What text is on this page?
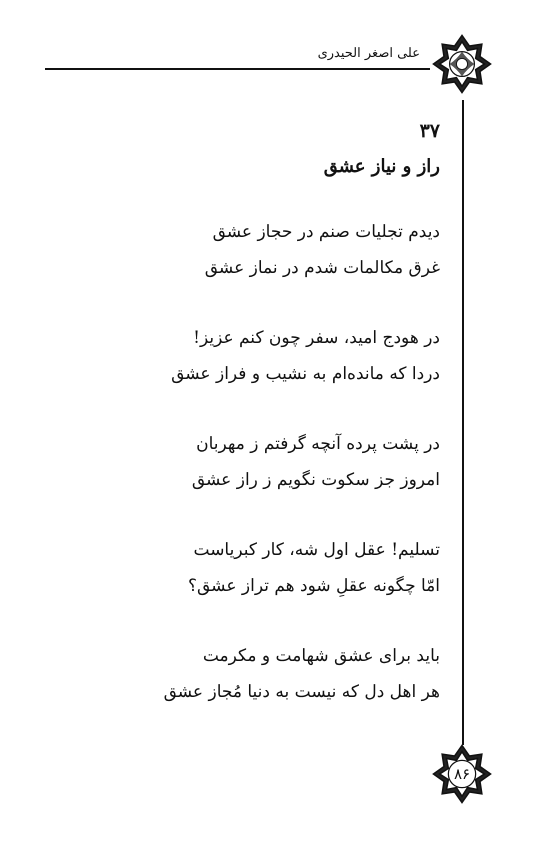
علی اصغر الحیدری
۳۷
راز و نیاز عشق
دیدم تجلیات صنم در حجاز عشق
غرق مکالمات شدم در نماز عشق
در هودج امید، سفر چون کنم عزیز!
دردا که مانده‌ام به نشیب و فراز عشق
در پشت پرده آنچه گرفتم ز مهربان
امروز جز سکوت نگویم ز راز عشق
تسلیم! عقل اول شه، کار کبریاست
امّا چگونه عقلِ شود هم تراز عشق؟
باید برای عشق شهامت و مکرمت
هر اهل دل که نیست به دنیا مُجاز عشق
۸۶
